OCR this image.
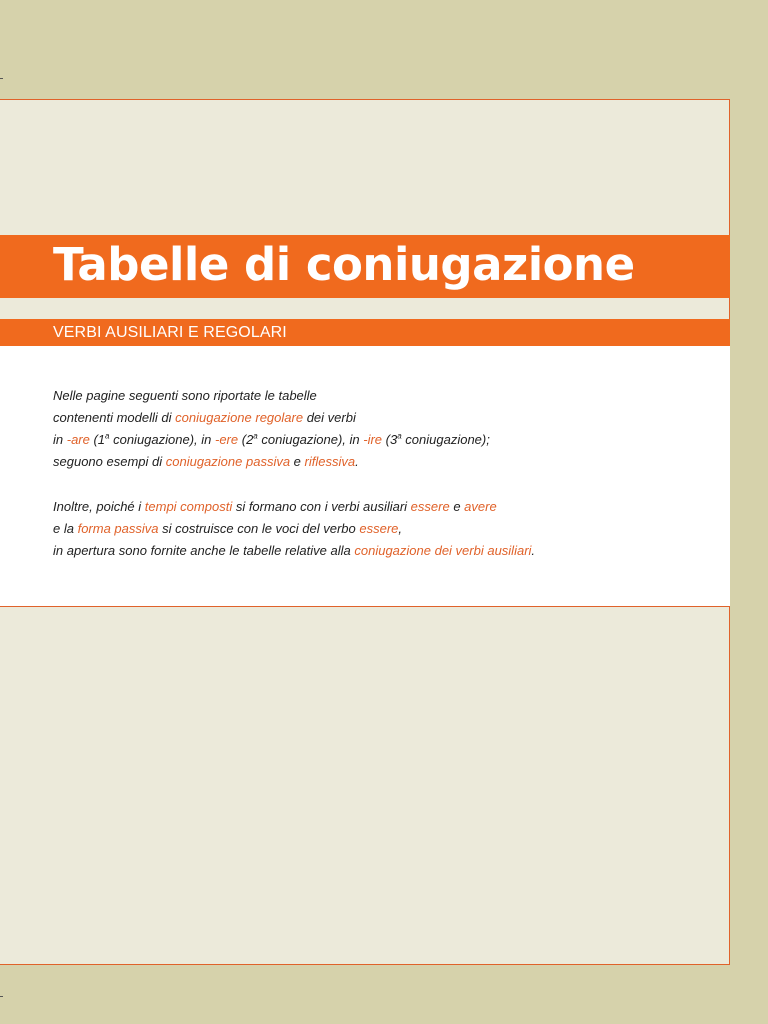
Tabelle di coniugazione
VERBI AUSILIARI E REGOLARI

Nelle pagine seguenti sono riportate le tabelle
contenenti modelli di coniugazione regolare dei verbi
in -are (1$^a$ coniugazione), in -ere (2$^a$ coniugazione), in -ire (3$^a$ coniugazione);
seguono esempi di coniugazione passiva e riflessiva.

Inoltre, poiché i tempi composti si formano con i verbi ausiliari essere e avere
e la forma passiva si costruisce con le voci del verbo essere,
in apertura sono fornite anche le tabelle relative alla coniugazione dei verbi ausiliari.
